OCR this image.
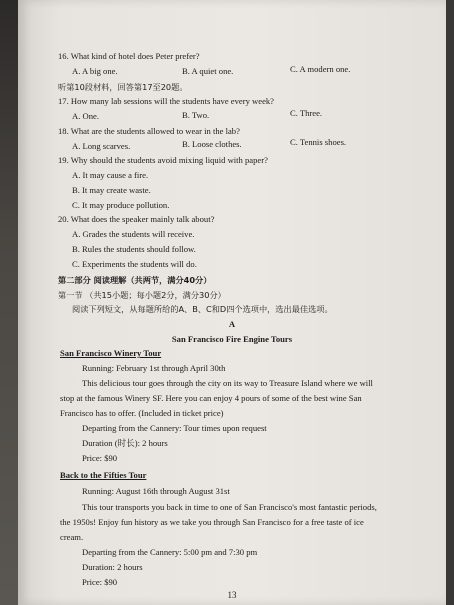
16. What kind of hotel does Peter prefer?
A. A big one.	B. A quiet one.	C. A modern one.
听第10段材料，回答第17至20题。
17. How many lab sessions will the students have every week?
A. One.	B. Two.	C. Three.
18. What are the students allowed to wear in the lab?
A. Long scarves.	B. Loose clothes.	C. Tennis shoes.
19. Why should the students avoid mixing liquid with paper?
A. It may cause a fire.
B. It may create waste.
C. It may produce pollution.
20. What does the speaker mainly talk about?
A. Grades the students will receive.
B. Rules the students should follow.
C. Experiments the students will do.
第二部分 阅读理解（共两节，满分40分）
第一节 （共15小题；每小题2分，满分30分）
阅读下列短文，从每题所给的A、B、C和D四个选项中，选出最佳选项。
A
San Francisco Fire Engine Tours
San Francisco Winery Tour
Running: February 1st through April 30th
This delicious tour goes through the city on its way to Treasure Island where we will
stop at the famous Winery SF. Here you can enjoy 4 pours of some of the best wine San
Francisco has to offer. (Included in ticket price)
Departing from the Cannery: Tour times upon request
Duration (时长): 2 hours
Price: $90
Back to the Fifties Tour
Running: August 16th through August 31st
This tour transports you back in time to one of San Francisco's most fantastic periods,
the 1950s! Enjoy fun history as we take you through San Francisco for a free taste of ice
cream.
Departing from the Cannery: 5:00 pm and 7:30 pm
Duration: 2 hours
Price: $90
13
